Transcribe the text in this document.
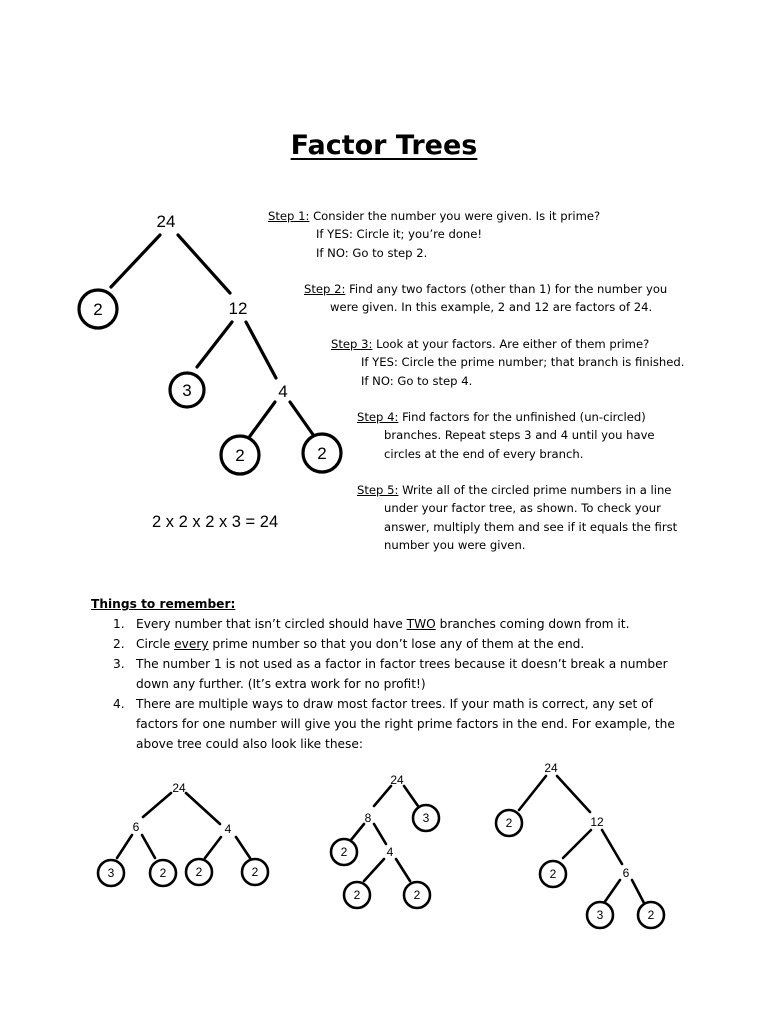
Factor Trees
24
2	12
3	4
2	2
Step 1: Consider the number you were given. Is it prime?
If YES: Circle it; you’re done!
If NO: Go to step 2.
Step 2: Find any two factors (other than 1) for the number you
were given. In this example, 2 and 12 are factors of 24.
Step 3: Look at your factors. Are either of them prime?
If YES: Circle the prime number; that branch is finished.
If NO: Go to step 4.
Step 4: Find factors for the unfinished (un-circled)
branches. Repeat steps 3 and 4 until you have
circles at the end of every branch.
Step 5: Write all of the circled prime numbers in a line
under your factor tree, as shown. To check your
answer, multiply them and see if it equals the first
number you were given.
2 x 2 x 2 x 3 = 24
Things to remember:
1. Every number that isn’t circled should have TWO branches coming down from it.
2. Circle every prime number so that you don’t lose any of them at the end.
3. The number 1 is not used as a factor in factor trees because it doesn’t break a number down any further. (It’s extra work for no profit!)
4. There are multiple ways to draw most factor trees. If your math is correct, any set of factors for one number will give you the right prime factors in the end. For example, the above tree could also look like these:
24
6	4
3	2 2	2
24
8	3
2	4
2	2
24
2	12
2	6
3	2
